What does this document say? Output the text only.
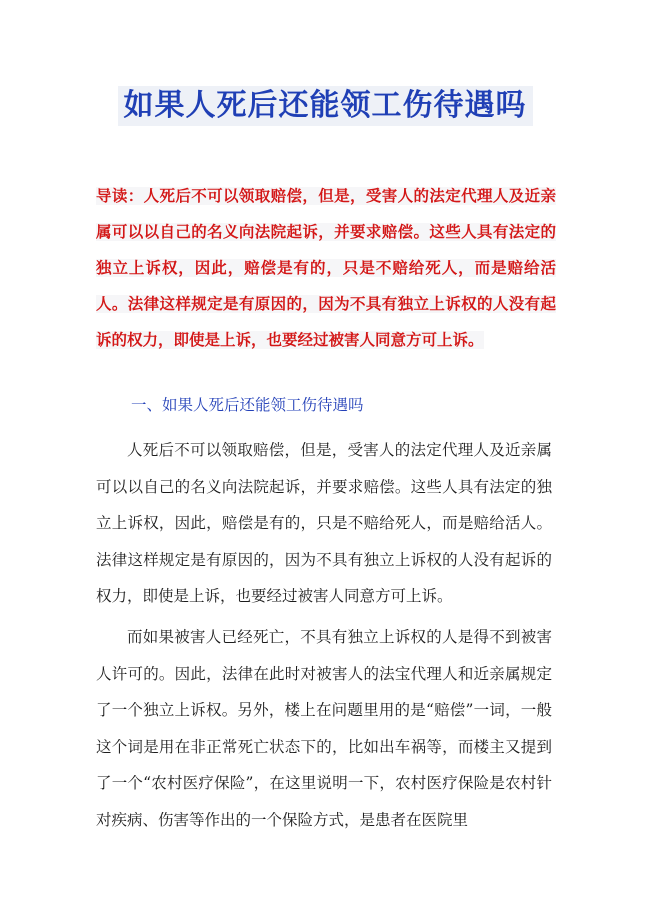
如果人死后还能领工伤待遇吗
导读：人死后不可以领取赔偿，但是，受害人的法定代理人及近亲属可以以自己的名义向法院起诉，并要求赔偿。这些人具有法定的独立上诉权，因此，赔偿是有的，只是不赔给死人，而是赔给活人。法律这样规定是有原因的，因为不具有独立上诉权的人没有起诉的权力，即使是上诉，也要经过被害人同意方可上诉。
一、如果人死后还能领工伤待遇吗

人死后不可以领取赔偿，但是，受害人的法定代理人及近亲属可以以自己的名义向法院起诉，并要求赔偿。这些人具有法定的独立上诉权，因此，赔偿是有的，只是不赔给死人，而是赔给活人。法律这样规定是有原因的，因为不具有独立上诉权的人没有起诉的权力，即使是上诉，也要经过被害人同意方可上诉。

而如果被害人已经死亡，不具有独立上诉权的人是得不到被害人许可的。因此，法律在此时对被害人的法宝代理人和近亲属规定了一个独立上诉权。另外，楼上在问题里用的是“赔偿”一词，一般这个词是用在非正常死亡状态下的，比如出车祸等，而楼主又提到了一个“农村医疗保险”，在这里说明一下，农村医疗保险是农村针对疾病、伤害等作出的一个保险方式，是患者在医院里
